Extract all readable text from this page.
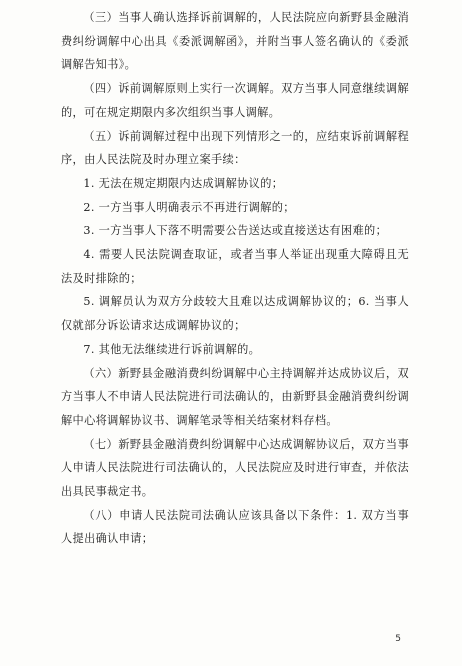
（三）当事人确认选择诉前调解的，人民法院应向新野县金融消费纠纷调解中心出具《委派调解函》，并附当事人签名确认的《委派调解告知书》。

（四）诉前调解原则上实行一次调解。双方当事人同意继续调解的，可在规定期限内多次组织当事人调解。

（五）诉前调解过程中出现下列情形之一的，应结束诉前调解程序，由人民法院及时办理立案手续：

1. 无法在规定期限内达成调解协议的；

2. 一方当事人明确表示不再进行调解的；

3. 一方当事人下落不明需要公告送达或直接送达有困难的；

4. 需要人民法院调查取证，或者当事人举证出现重大障碍且无法及时排除的；

5. 调解员认为双方分歧较大且难以达成调解协议的；6. 当事人仅就部分诉讼请求达成调解协议的；

7. 其他无法继续进行诉前调解的。

（六）新野县金融消费纠纷调解中心主持调解并达成协议后，双方当事人不申请人民法院进行司法确认的，由新野县金融消费纠纷调解中心将调解协议书、调解笔录等相关结案材料存档。

（七）新野县金融消费纠纷调解中心达成调解协议后，双方当事人申请人民法院进行司法确认的，人民法院应及时进行审查，并依法出具民事裁定书。

（八）申请人民法院司法确认应该具备以下条件：1. 双方当事人提出确认申请；

5
